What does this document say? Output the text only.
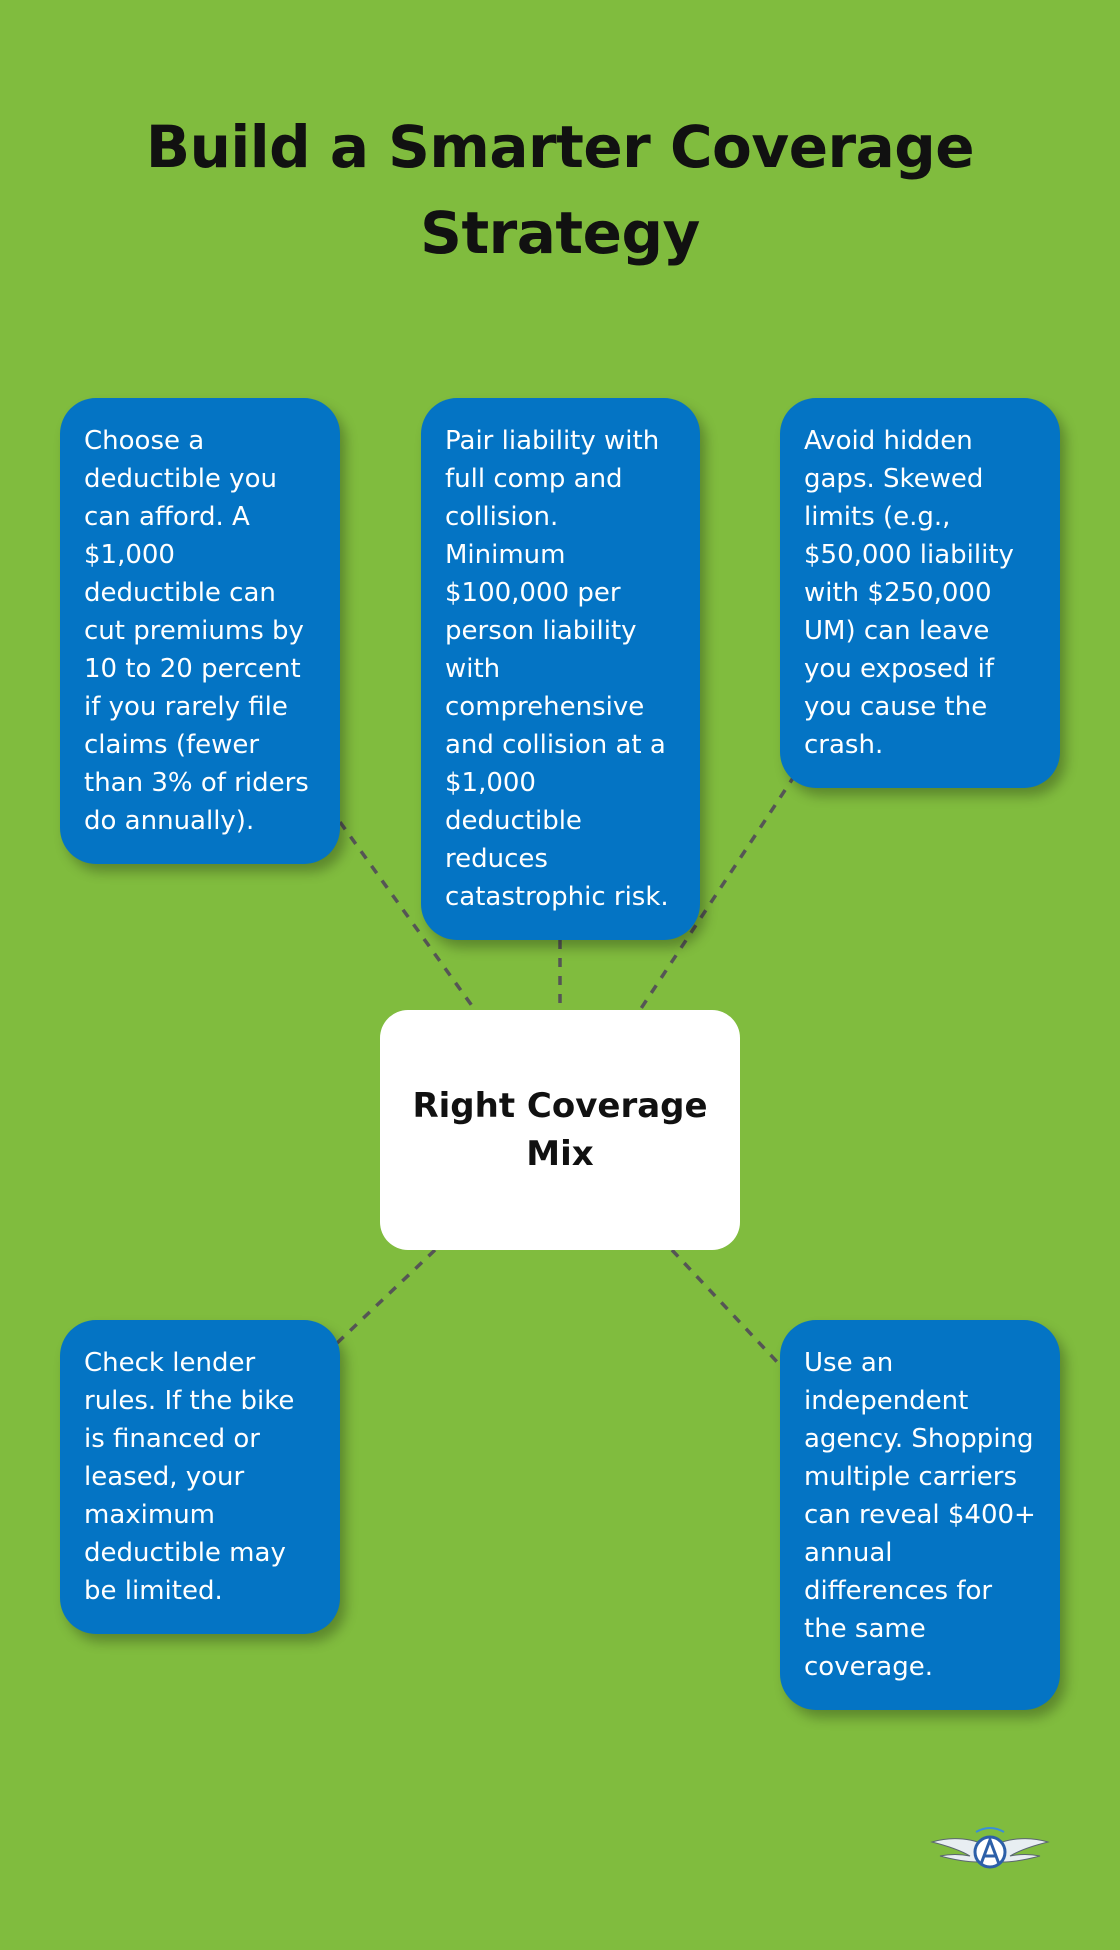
Build a Smarter Coverage Strategy

Choose a deductible you can afford. A $1,000 deductible can cut premiums by 10 to 20 percent if you rarely file claims (fewer than 3% of riders do annually).

Pair liability with full comp and collision. Minimum $100,000 per person liability with comprehensive and collision at a $1,000 deductible reduces catastrophic risk.

Avoid hidden gaps. Skewed limits (e.g., $50,000 liability with $250,000 UM) can leave you exposed if you cause the crash.

Check lender rules. If the bike is financed or leased, your maximum deductible may be limited.

Use an independent agency. Shopping multiple carriers can reveal $400+ annual differences for the same coverage.

Right Coverage Mix
